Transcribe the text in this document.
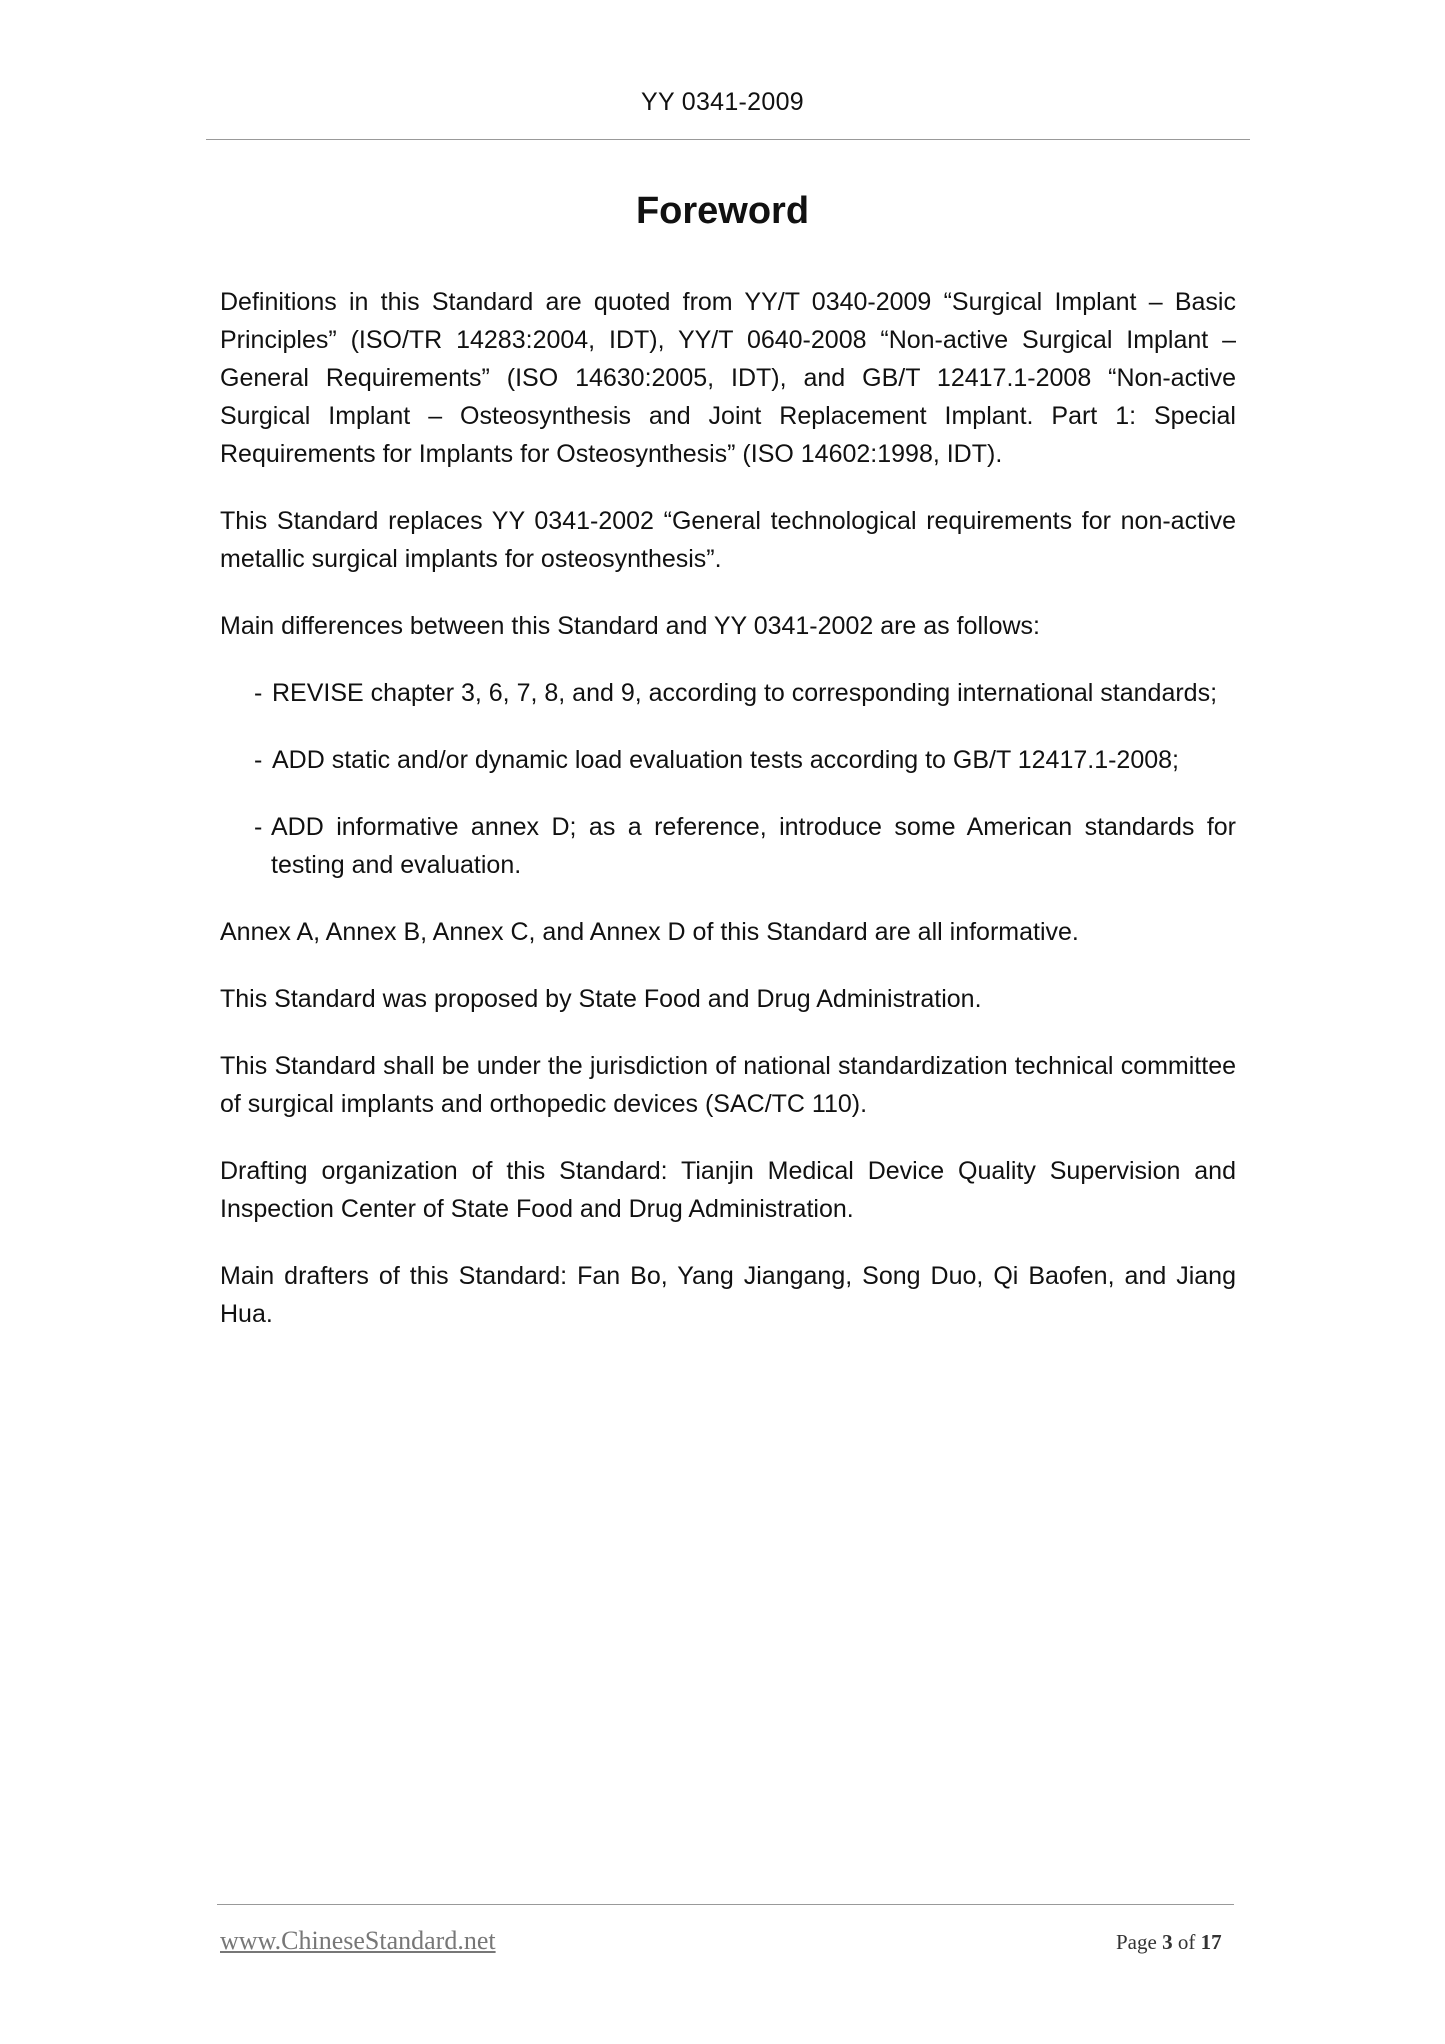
YY 0341-2009
Foreword

Definitions in this Standard are quoted from YY/T 0340-2009 “Surgical Implant – Basic Principles” (ISO/TR 14283:2004, IDT), YY/T 0640-2008 “Non-active Surgical Implant – General Requirements” (ISO 14630:2005, IDT), and GB/T 12417.1-2008 “Non-active Surgical Implant – Osteosynthesis and Joint Replacement Implant. Part 1: Special Requirements for Implants for Osteosynthesis” (ISO 14602:1998, IDT).

This Standard replaces YY 0341-2002 “General technological requirements for non-active metallic surgical implants for osteosynthesis”.

Main differences between this Standard and YY 0341-2002 are as follows:

- REVISE chapter 3, 6, 7, 8, and 9, according to corresponding international standards;
- ADD static and/or dynamic load evaluation tests according to GB/T 12417.1-2008;
- ADD informative annex D; as a reference, introduce some American standards for testing and evaluation.

Annex A, Annex B, Annex C, and Annex D of this Standard are all informative.

This Standard was proposed by State Food and Drug Administration.

This Standard shall be under the jurisdiction of national standardization technical committee of surgical implants and orthopedic devices (SAC/TC 110).

Drafting organization of this Standard: Tianjin Medical Device Quality Supervision and Inspection Center of State Food and Drug Administration.

Main drafters of this Standard: Fan Bo, Yang Jiangang, Song Duo, Qi Baofen, and Jiang Hua.

www.ChineseStandard.net	Page 3 of 17
